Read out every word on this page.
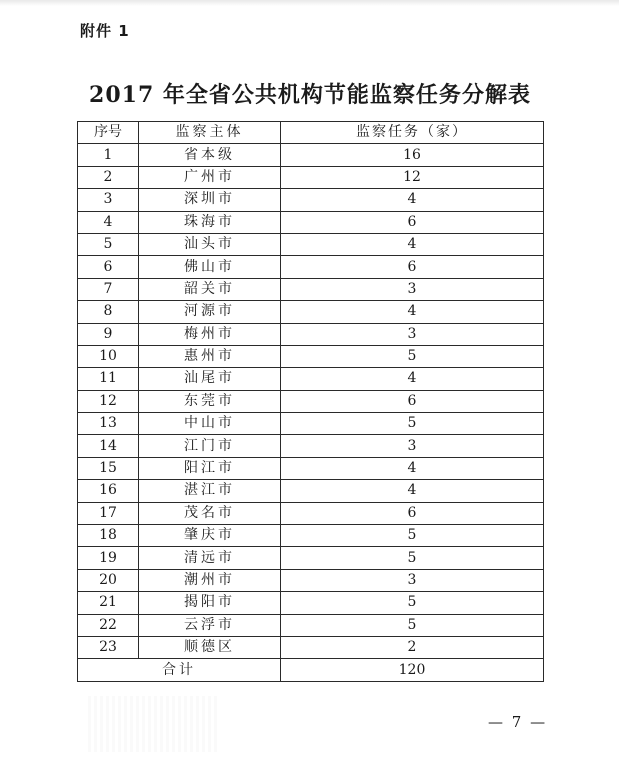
附件 1
2017 年全省公共机构节能监察任务分解表
序号	监察主体	监察任务（家）
1	省本级	16
2	广州市	12
3	深圳市	4
4	珠海市	6
5	汕头市	4
6	佛山市	6
7	韶关市	3
8	河源市	4
9	梅州市	3
10	惠州市	5
11	汕尾市	4
12	东莞市	6
13	中山市	5
14	江门市	3
15	阳江市	4
16	湛江市	4
17	茂名市	6
18	肇庆市	5
19	清远市	5
20	潮州市	3
21	揭阳市	5
22	云浮市	5
23	顺德区	2
合计		120
— 7 —
